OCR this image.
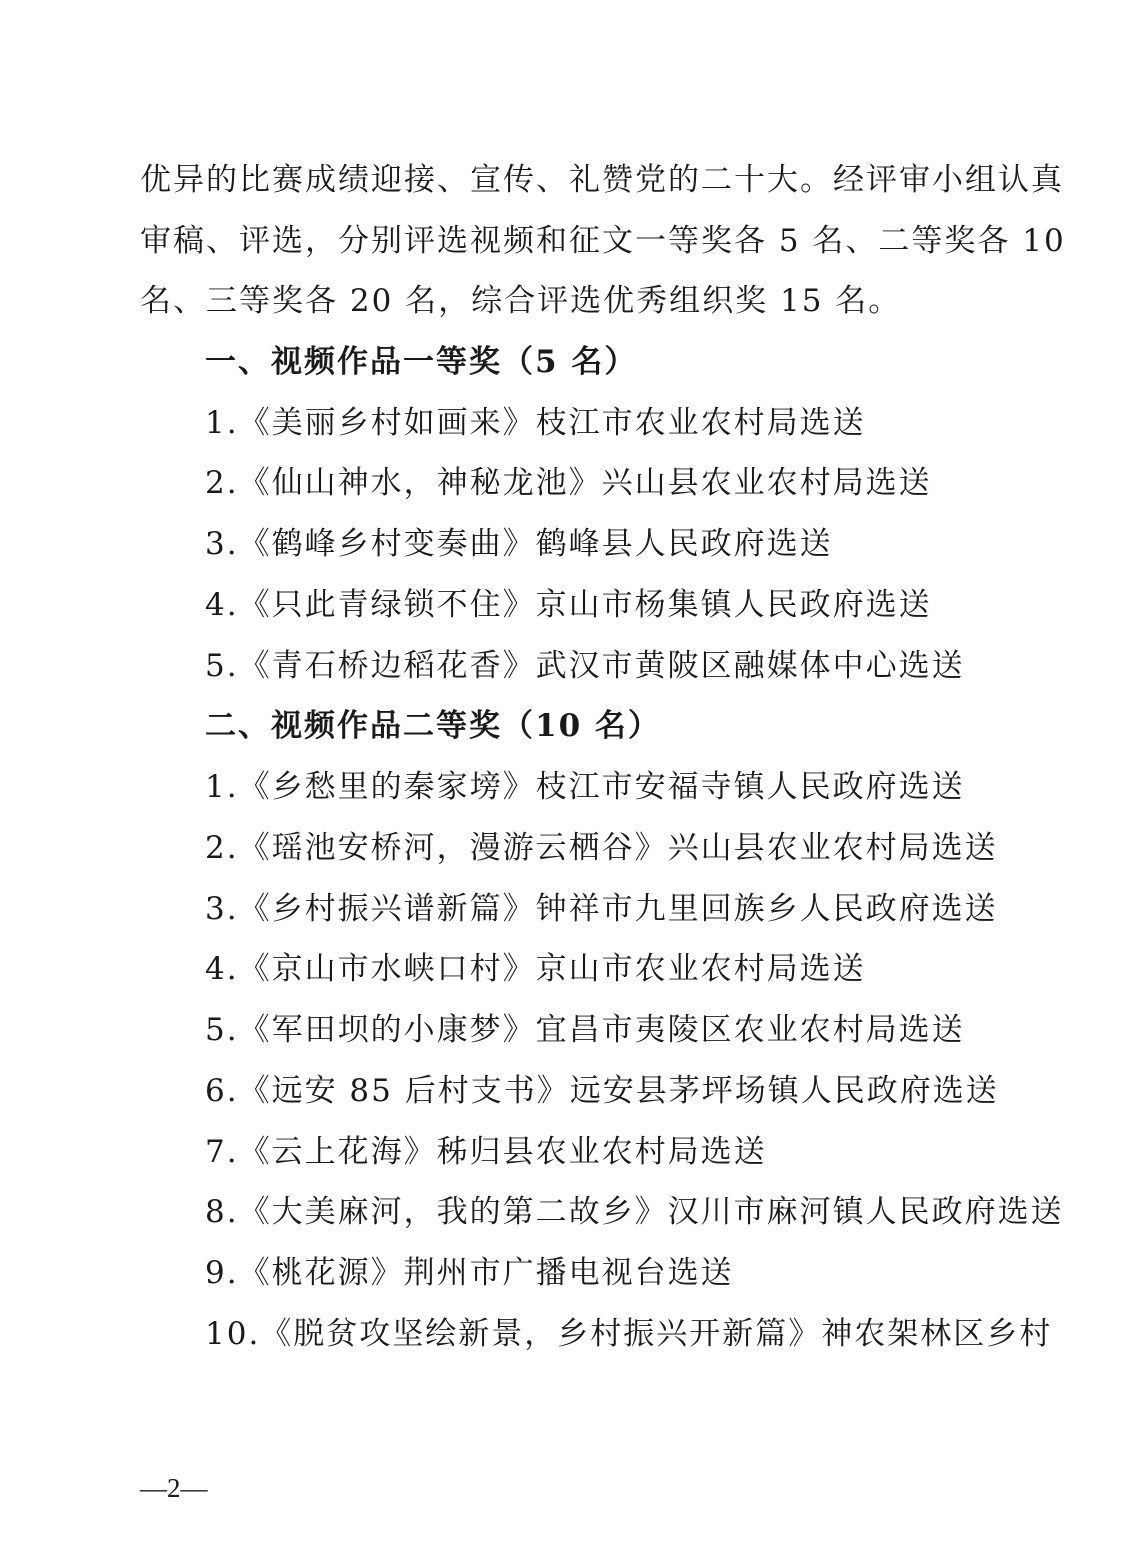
优异的比赛成绩迎接、宣传、礼赞党的二十大。经评审小组认真
审稿、评选，分别评选视频和征文一等奖各 5 名、二等奖各 10
名、三等奖各 20 名，综合评选优秀组织奖 15 名。
一、视频作品一等奖（5 名）
1.《美丽乡村如画来》枝江市农业农村局选送
2.《仙山神水，神秘龙池》兴山县农业农村局选送
3.《鹤峰乡村变奏曲》鹤峰县人民政府选送
4.《只此青绿锁不住》京山市杨集镇人民政府选送
5.《青石桥边稻花香》武汉市黄陂区融媒体中心选送
二、视频作品二等奖（10 名）
1.《乡愁里的秦家塝》枝江市安福寺镇人民政府选送
2.《瑶池安桥河，漫游云栖谷》兴山县农业农村局选送
3.《乡村振兴谱新篇》钟祥市九里回族乡人民政府选送
4.《京山市水峡口村》京山市农业农村局选送
5.《军田坝的小康梦》宜昌市夷陵区农业农村局选送
6.《远安 85 后村支书》远安县茅坪场镇人民政府选送
7.《云上花海》秭归县农业农村局选送
8.《大美麻河，我的第二故乡》汉川市麻河镇人民政府选送
9.《桃花源》荆州市广播电视台选送
10.《脱贫攻坚绘新景，乡村振兴开新篇》神农架林区乡村
—2—
